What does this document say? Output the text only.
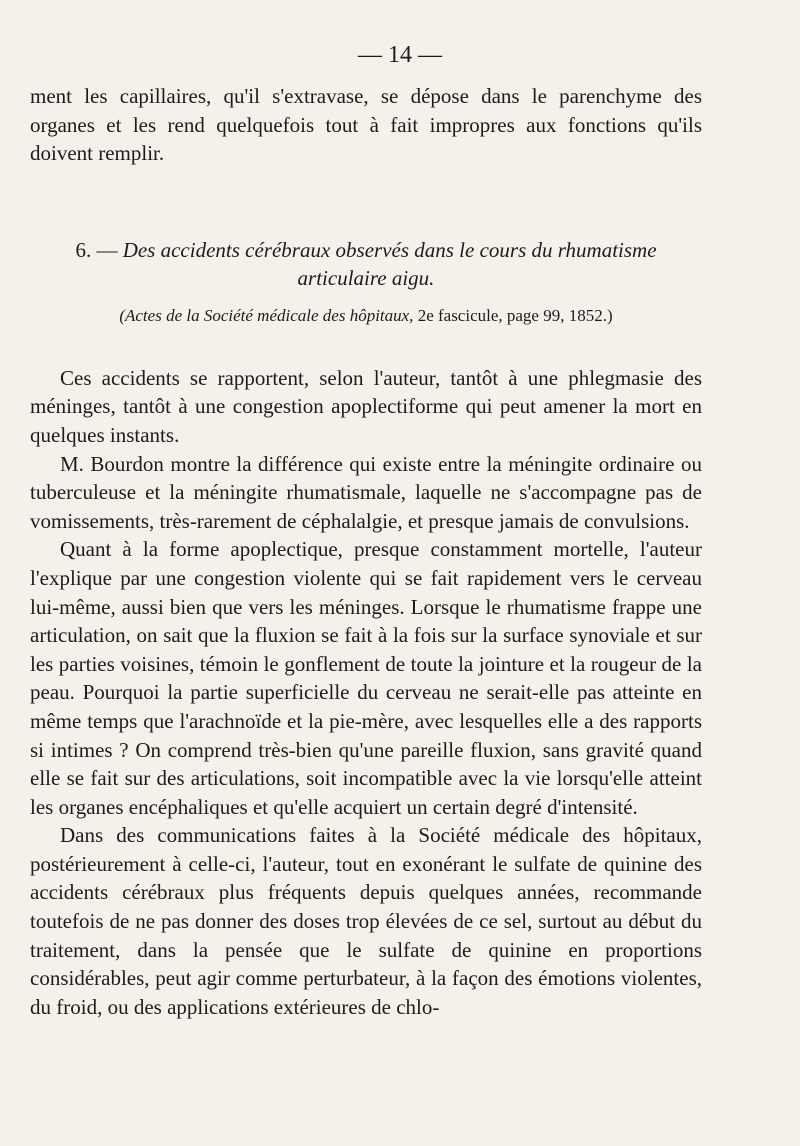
— 14 —

ment les capillaires, qu'il s'extravase, se dépose dans le parenchyme des organes et les rend quelquefois tout à fait impropres aux fonctions qu'ils doivent remplir.

6. — Des accidents cérébraux observés dans le cours du rhumatisme articulaire aigu.

(Actes de la Société médicale des hôpitaux, 2e fascicule, page 99, 1852.)

Ces accidents se rapportent, selon l'auteur, tantôt à une phlegmasie des méninges, tantôt à une congestion apoplectiforme qui peut amener la mort en quelques instants.

M. Bourdon montre la différence qui existe entre la méningite ordinaire ou tuberculeuse et la méningite rhumatismale, laquelle ne s'accompagne pas de vomissements, très-rarement de céphalalgie, et presque jamais de convulsions.

Quant à la forme apoplectique, presque constamment mortelle, l'auteur l'explique par une congestion violente qui se fait rapidement vers le cerveau lui-même, aussi bien que vers les méninges. Lorsque le rhumatisme frappe une articulation, on sait que la fluxion se fait à la fois sur la surface synoviale et sur les parties voisines, témoin le gonflement de toute la jointure et la rougeur de la peau. Pourquoi la partie superficielle du cerveau ne serait-elle pas atteinte en même temps que l'arachnoïde et la pie-mère, avec lesquelles elle a des rapports si intimes ? On comprend très-bien qu'une pareille fluxion, sans gravité quand elle se fait sur des articulations, soit incompatible avec la vie lorsqu'elle atteint les organes encéphaliques et qu'elle acquiert un certain degré d'intensité.

Dans des communications faites à la Société médicale des hôpitaux, postérieurement à celle-ci, l'auteur, tout en exonérant le sulfate de quinine des accidents cérébraux plus fréquents depuis quelques années, recommande toutefois de ne pas donner des doses trop élevées de ce sel, surtout au début du traitement, dans la pensée que le sulfate de quinine en proportions considérables, peut agir comme perturbateur, à la façon des émotions violentes, du froid, ou des applications extérieures de chlo-
